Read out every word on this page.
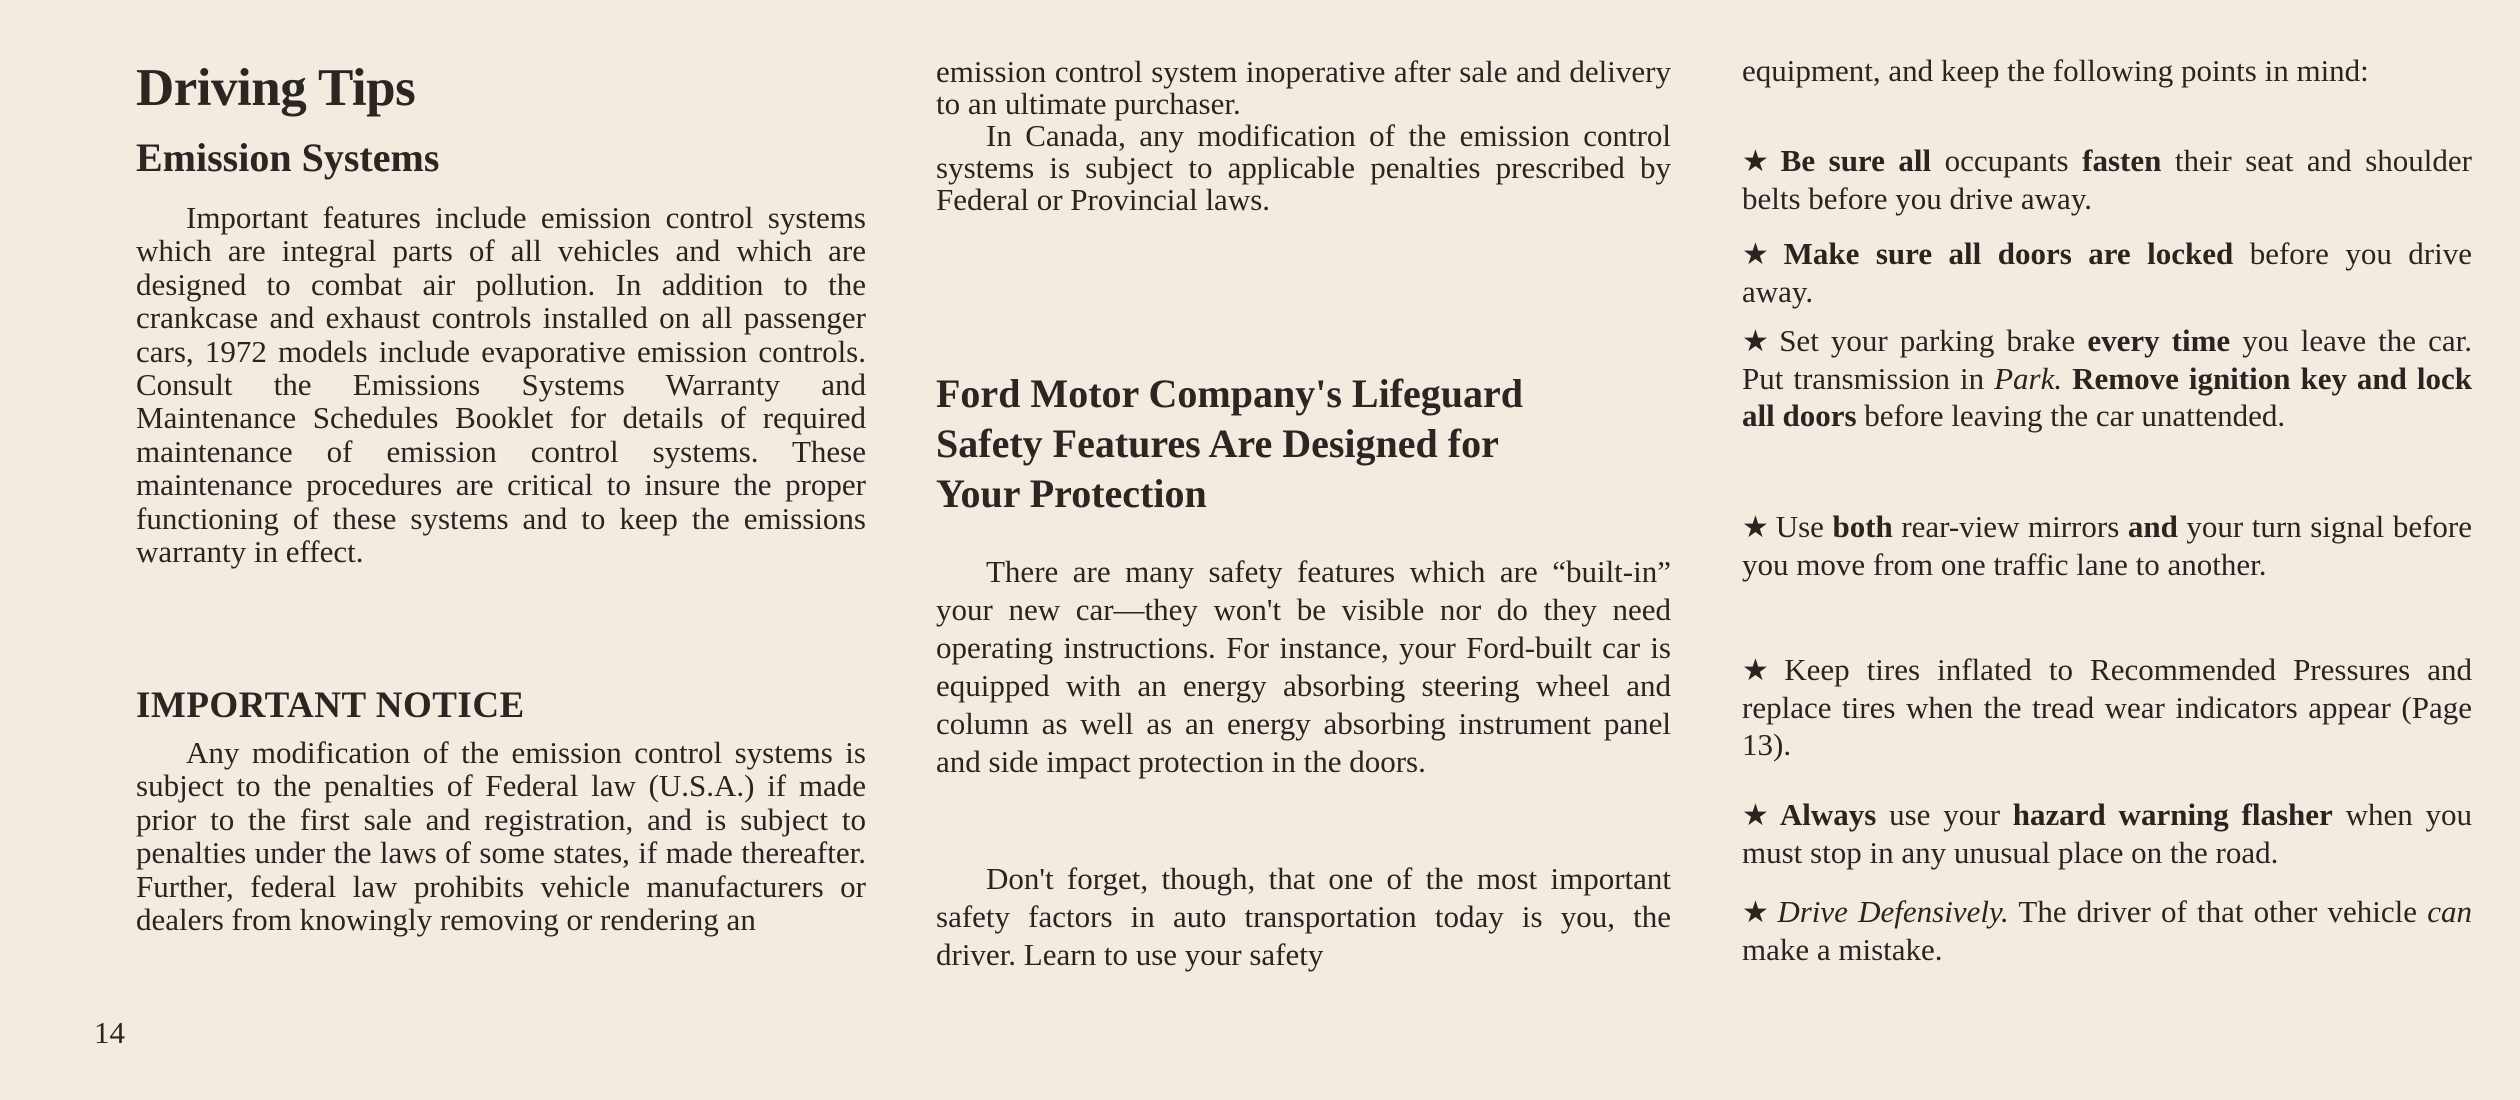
Driving Tips
Emission Systems

Important features include emission control systems which are integral parts of all vehicles and which are designed to combat air pollution. In addition to the crankcase and exhaust controls installed on all passenger cars, 1972 models include evaporative emission controls. Consult the Emissions Systems Warranty and Maintenance Schedules Booklet for details of required maintenance of emission control systems. These maintenance procedures are critical to insure the proper functioning of these systems and to keep the emissions warranty in effect.

IMPORTANT NOTICE

Any modification of the emission control systems is subject to the penalties of Federal law (U.S.A.) if made prior to the first sale and registration, and is subject to penalties under the laws of some states, if made thereafter. Further, federal law prohibits vehicle manufacturers or dealers from knowingly removing or rendering an

emission control system inoperative after sale and delivery to an ultimate purchaser.

In Canada, any modification of the emission control systems is subject to applicable penalties prescribed by Federal or Provincial laws.

Ford Motor Company's Lifeguard
Safety Features Are Designed for
Your Protection

There are many safety features which are “built-in” your new car—they won't be visible nor do they need operating instructions. For instance, your Ford-built car is equipped with an energy absorbing steering wheel and column as well as an energy absorbing instrument panel and side impact protection in the doors.

Don't forget, though, that one of the most important safety factors in auto transportation today is you, the driver. Learn to use your safety

equipment, and keep the following points in mind:

★ Be sure all occupants fasten their seat and shoulder belts before you drive away.

★ Make sure all doors are locked before you drive away.

★ Set your parking brake every time you leave the car. Put transmission in Park. Remove ignition key and lock all doors before leaving the car unattended.

★ Use both rear-view mirrors and your turn signal before you move from one traffic lane to another.

★ Keep tires inflated to Recommended Pressures and replace tires when the tread wear indicators appear (Page 13).

★ Always use your hazard warning flasher when you must stop in any unusual place on the road.

★ Drive Defensively. The driver of that other vehicle can make a mistake.

14
